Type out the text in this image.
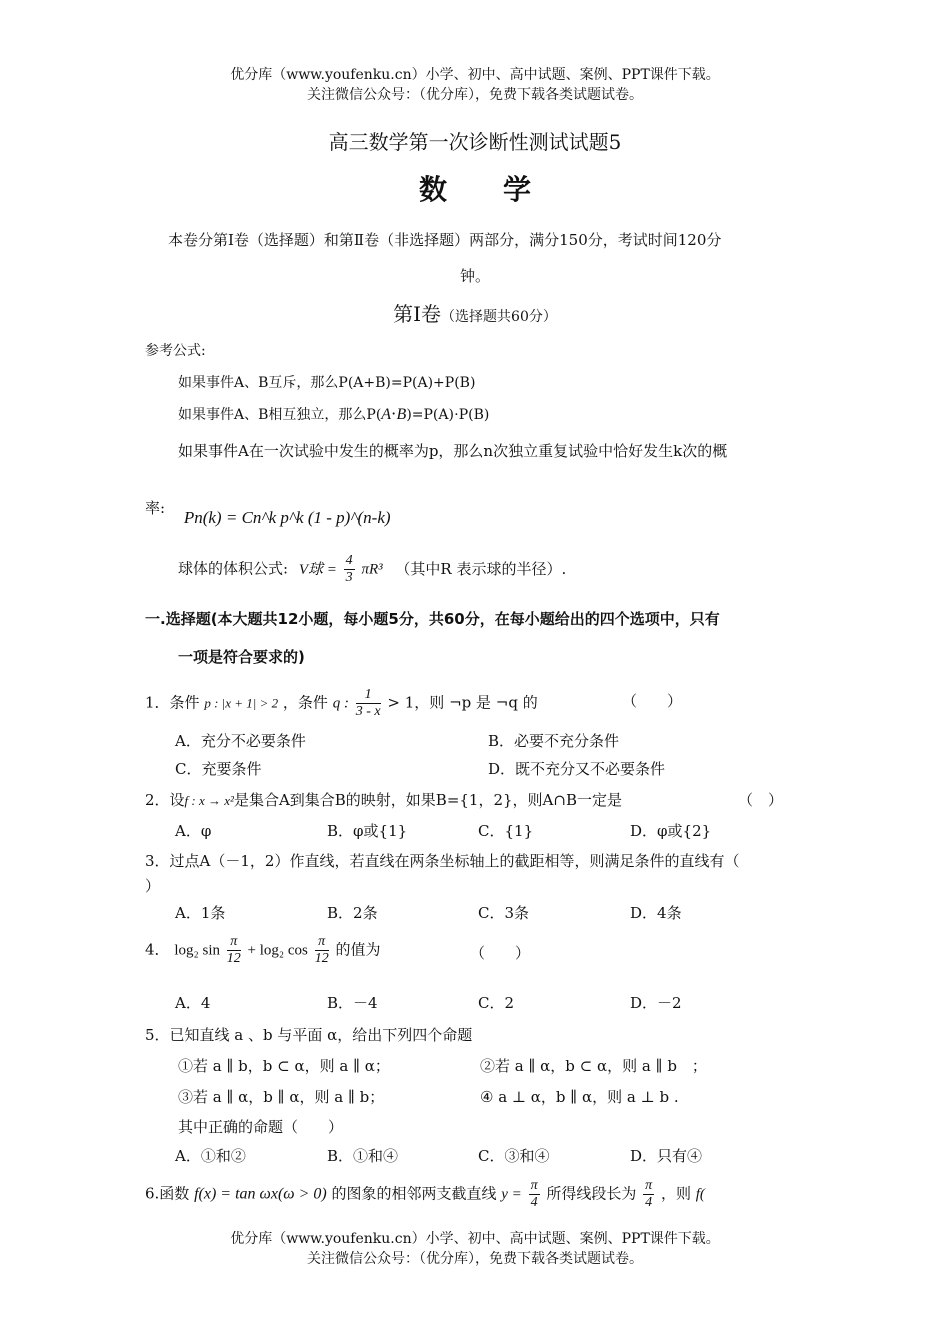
优分库（www.youfenku.cn）小学、初中、高中试题、案例、PPT课件下载。
关注微信公众号：（优分库），免费下载各类试题试卷。
高三数学第一次诊断性测试试题5
数　　学
本卷分第Ⅰ卷（选择题）和第Ⅱ卷（非选择题）两部分，满分150分，考试时间120分
钟。
第Ⅰ卷（选择题共60分）
参考公式:
如果事件A、B互斥，那么P(A+B)=P(A)+P(B)
如果事件A、B相互独立，那么P(A⋅B)=P(A)⋅P(B)
如果事件A在一次试验中发生的概率为p，那么n次独立重复试验中恰好发生k次的概
率: Pn(k) = Cn^k p^k (1 - p)^(n-k)
球体的体积公式: V球 = $\frac{4}{3} \pi R^3$ （其中R 表示球的半径）.
一.选择题(本大题共12小题，每小题5分，共60分，在每小题给出的四个选项中，只有
一项是符合要求的)
1．条件 p : |x + 1| > 2 ，条件 q : $\frac{1}{3 - x} > 1$，则 ¬p 是 ¬q 的	（　　）
A．充分不必要条件	B．必要不充分条件
C．充要条件	D．既不充分又不必要条件
2．设f : x → x²是集合A到集合B的映射，如果B={1，2}，则A∩B一定是	（　）
A．φ	B．φ或{1}	C．{1}	D．φ或{2}
3．过点A（－1，2）作直线，若直线在两条坐标轴上的截距相等，则满足条件的直线有（
）
A．1条	B．2条	C．3条	D．4条
4． log₂ $\sin \frac{\pi}{12} + \log_2$ $\cos \frac{\pi}{12}$ 的值为	（　　）
A．4	B．－4	C．2	D．－2
5．已知直线 a 、b 与平面 α，给出下列四个命题
①若 a ∥ b，b ⊂ α，则 a ∥ α；	②若 a ∥ α，b ⊂ α，则 a ∥ b　；
③若 a ∥ α，b ∥ α，则 a ∥ b；	④ a ⊥ α，b ∥ α，则 a ⊥ b .
其中正确的命题（　　）
A．①和②	B．①和④	C．③和④	D．只有④
6.函数 f(x) = tan ωx(ω > 0) 的图象的相邻两支截直线 $y = \frac{\pi}{4}$ 所得线段长为 $\frac{\pi}{4}$ ，则 f(
优分库（www.youfenku.cn）小学、初中、高中试题、案例、PPT课件下载。
关注微信公众号：（优分库），免费下载各类试题试卷。
